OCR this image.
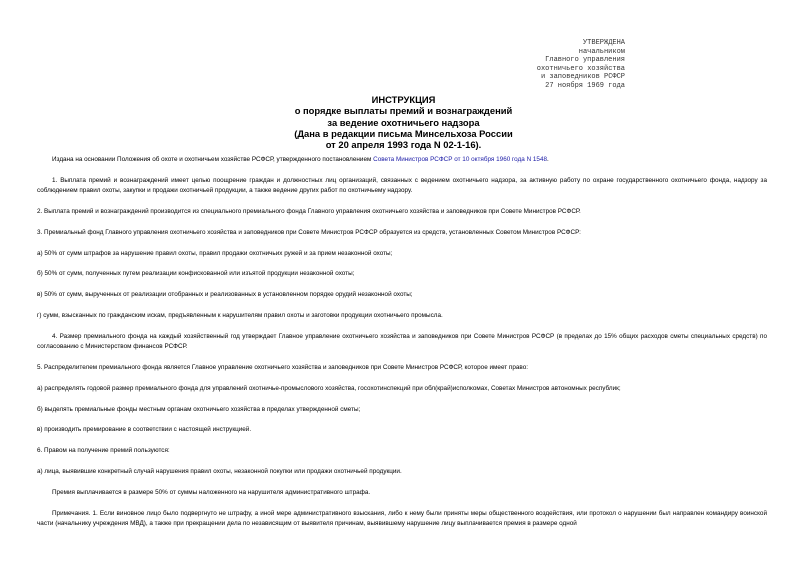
УТВЕРЖДЕНА
начальником
Главного управления
охотничьего хозяйства
и заповедников РСФСР
27 ноября 1969 года
ИНСТРУКЦИЯ
о порядке выплаты премий и вознаграждений
за ведение охотничьего надзора
(Дана в редакции письма Минсельхоза России
от 20 апреля 1993 года N 02-1-16).

Издана на основании Положения об охоте и охотничьем хозяйстве РСФСР, утвержденного постановлением Совета Министров РСФСР от 10 октября 1960 года N 1548.

1. Выплата премий и вознаграждений имеет целью поощрение граждан и должностных лиц организаций, связанных с ведением охотничьего надзора, за активную работу по охране государственного охотничьего фонда, надзору за соблюдением правил охоты, закупки и продажи охотничьей продукции, а также ведение других работ по охотничьему надзору.

2. Выплата премий и вознаграждений производится из специального премиального фонда Главного управления охотничьего хозяйства и заповедников при Совете Министров РСФСР.

3. Премиальный фонд Главного управления охотничьего хозяйства и заповедников при Совете Министров РСФСР образуется из средств, установленных Советом Министров РСФСР:

а) 50% от сумм штрафов за нарушение правил охоты, правил продажи охотничьих ружей и за прием незаконной охоты;

б) 50% от сумм, полученных путем реализации конфискованной или изъятой продукции незаконной охоты;

в) 50% от сумм, вырученных от реализации отобранных и реализованных в установленном порядке орудий незаконной охоты;

г) сумм, взысканных по гражданским искам, предъявленным к нарушителям правил охоты и заготовки продукции охотничьего промысла.

4. Размер премиального фонда на каждый хозяйственный год утверждает Главное управление охотничьего хозяйства и заповедников при Совете Министров РСФСР (в пределах до 15% общих расходов сметы специальных средств) по согласованию с Министерством финансов РСФСР.

5. Распределителем премиального фонда является Главное управление охотничьего хозяйства и заповедников при Совете Министров РСФСР, которое имеет право:

а) распределять годовой размер премиального фонда для управлений охотничье-промыслового хозяйства, госохотинспекций при обл(край)исполкомах, Советах Министров автономных республик;

б) выделять премиальные фонды местным органам охотничьего хозяйства в пределах утвержденной сметы;

в) производить премирование в соответствии с настоящей инструкцией.

6. Правом на получение премий пользуются:

а) лица, выявившие конкретный случай нарушения правил охоты, незаконной покупки или продажи охотничьей продукции.

Премия выплачивается в размере 50% от суммы наложенного на нарушителя административного штрафа.

Примечания. 1. Если виновное лицо было подвергнуто не штрафу, а иной мере административного взыскания, либо к нему были приняты меры общественного воздействия, или протокол о нарушении был направлен командиру воинской части (начальнику учреждения МВД), а также при прекращении дела по независящим от выявителя причинам, выявившему нарушение лицу выплачивается премия в размере одной
